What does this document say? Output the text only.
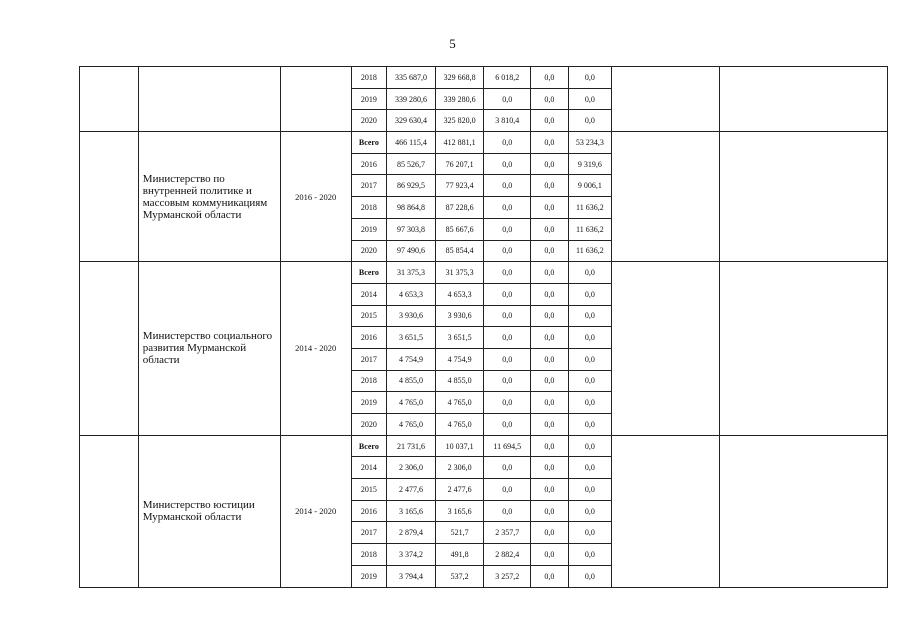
5
			2018	335 687,0	329 668,8	6 018,2	0,0	0,0		
			2019	339 280,6	339 280,6	0,0	0,0	0,0		
			2020	329 630,4	325 820,0	3 810,4	0,0	0,0		
	Министерство по внутренней политике и массовым коммуникациям Мурманской области	2016 - 2020	Всего	466 115,4	412 881,1	0,0	0,0	53 234,3		
			2016	85 526,7	76 207,1	0,0	0,0	9 319,6		
			2017	86 929,5	77 923,4	0,0	0,0	9 006,1		
			2018	98 864,8	87 228,6	0,0	0,0	11 636,2		
			2019	97 303,8	85 667,6	0,0	0,0	11 636,2		
			2020	97 490,6	85 854,4	0,0	0,0	11 636,2		
	Министерство социального развития Мурманской области	2014 - 2020	Всего	31 375,3	31 375,3	0,0	0,0	0,0		
			2014	4 653,3	4 653,3	0,0	0,0	0,0		
			2015	3 930,6	3 930,6	0,0	0,0	0,0		
			2016	3 651,5	3 651,5	0,0	0,0	0,0		
			2017	4 754,9	4 754,9	0,0	0,0	0,0		
			2018	4 855,0	4 855,0	0,0	0,0	0,0		
			2019	4 765,0	4 765,0	0,0	0,0	0,0		
			2020	4 765,0	4 765,0	0,0	0,0	0,0		
	Министерство юстиции Мурманской области	2014 - 2020	Всего	21 731,6	10 037,1	11 694,5	0,0	0,0		
			2014	2 306,0	2 306,0	0,0	0,0	0,0		
			2015	2 477,6	2 477,6	0,0	0,0	0,0		
			2016	3 165,6	3 165,6	0,0	0,0	0,0		
			2017	2 879,4	521,7	2 357,7	0,0	0,0		
			2018	3 374,2	491,8	2 882,4	0,0	0,0		
			2019	3 794,4	537,2	3 257,2	0,0	0,0		
